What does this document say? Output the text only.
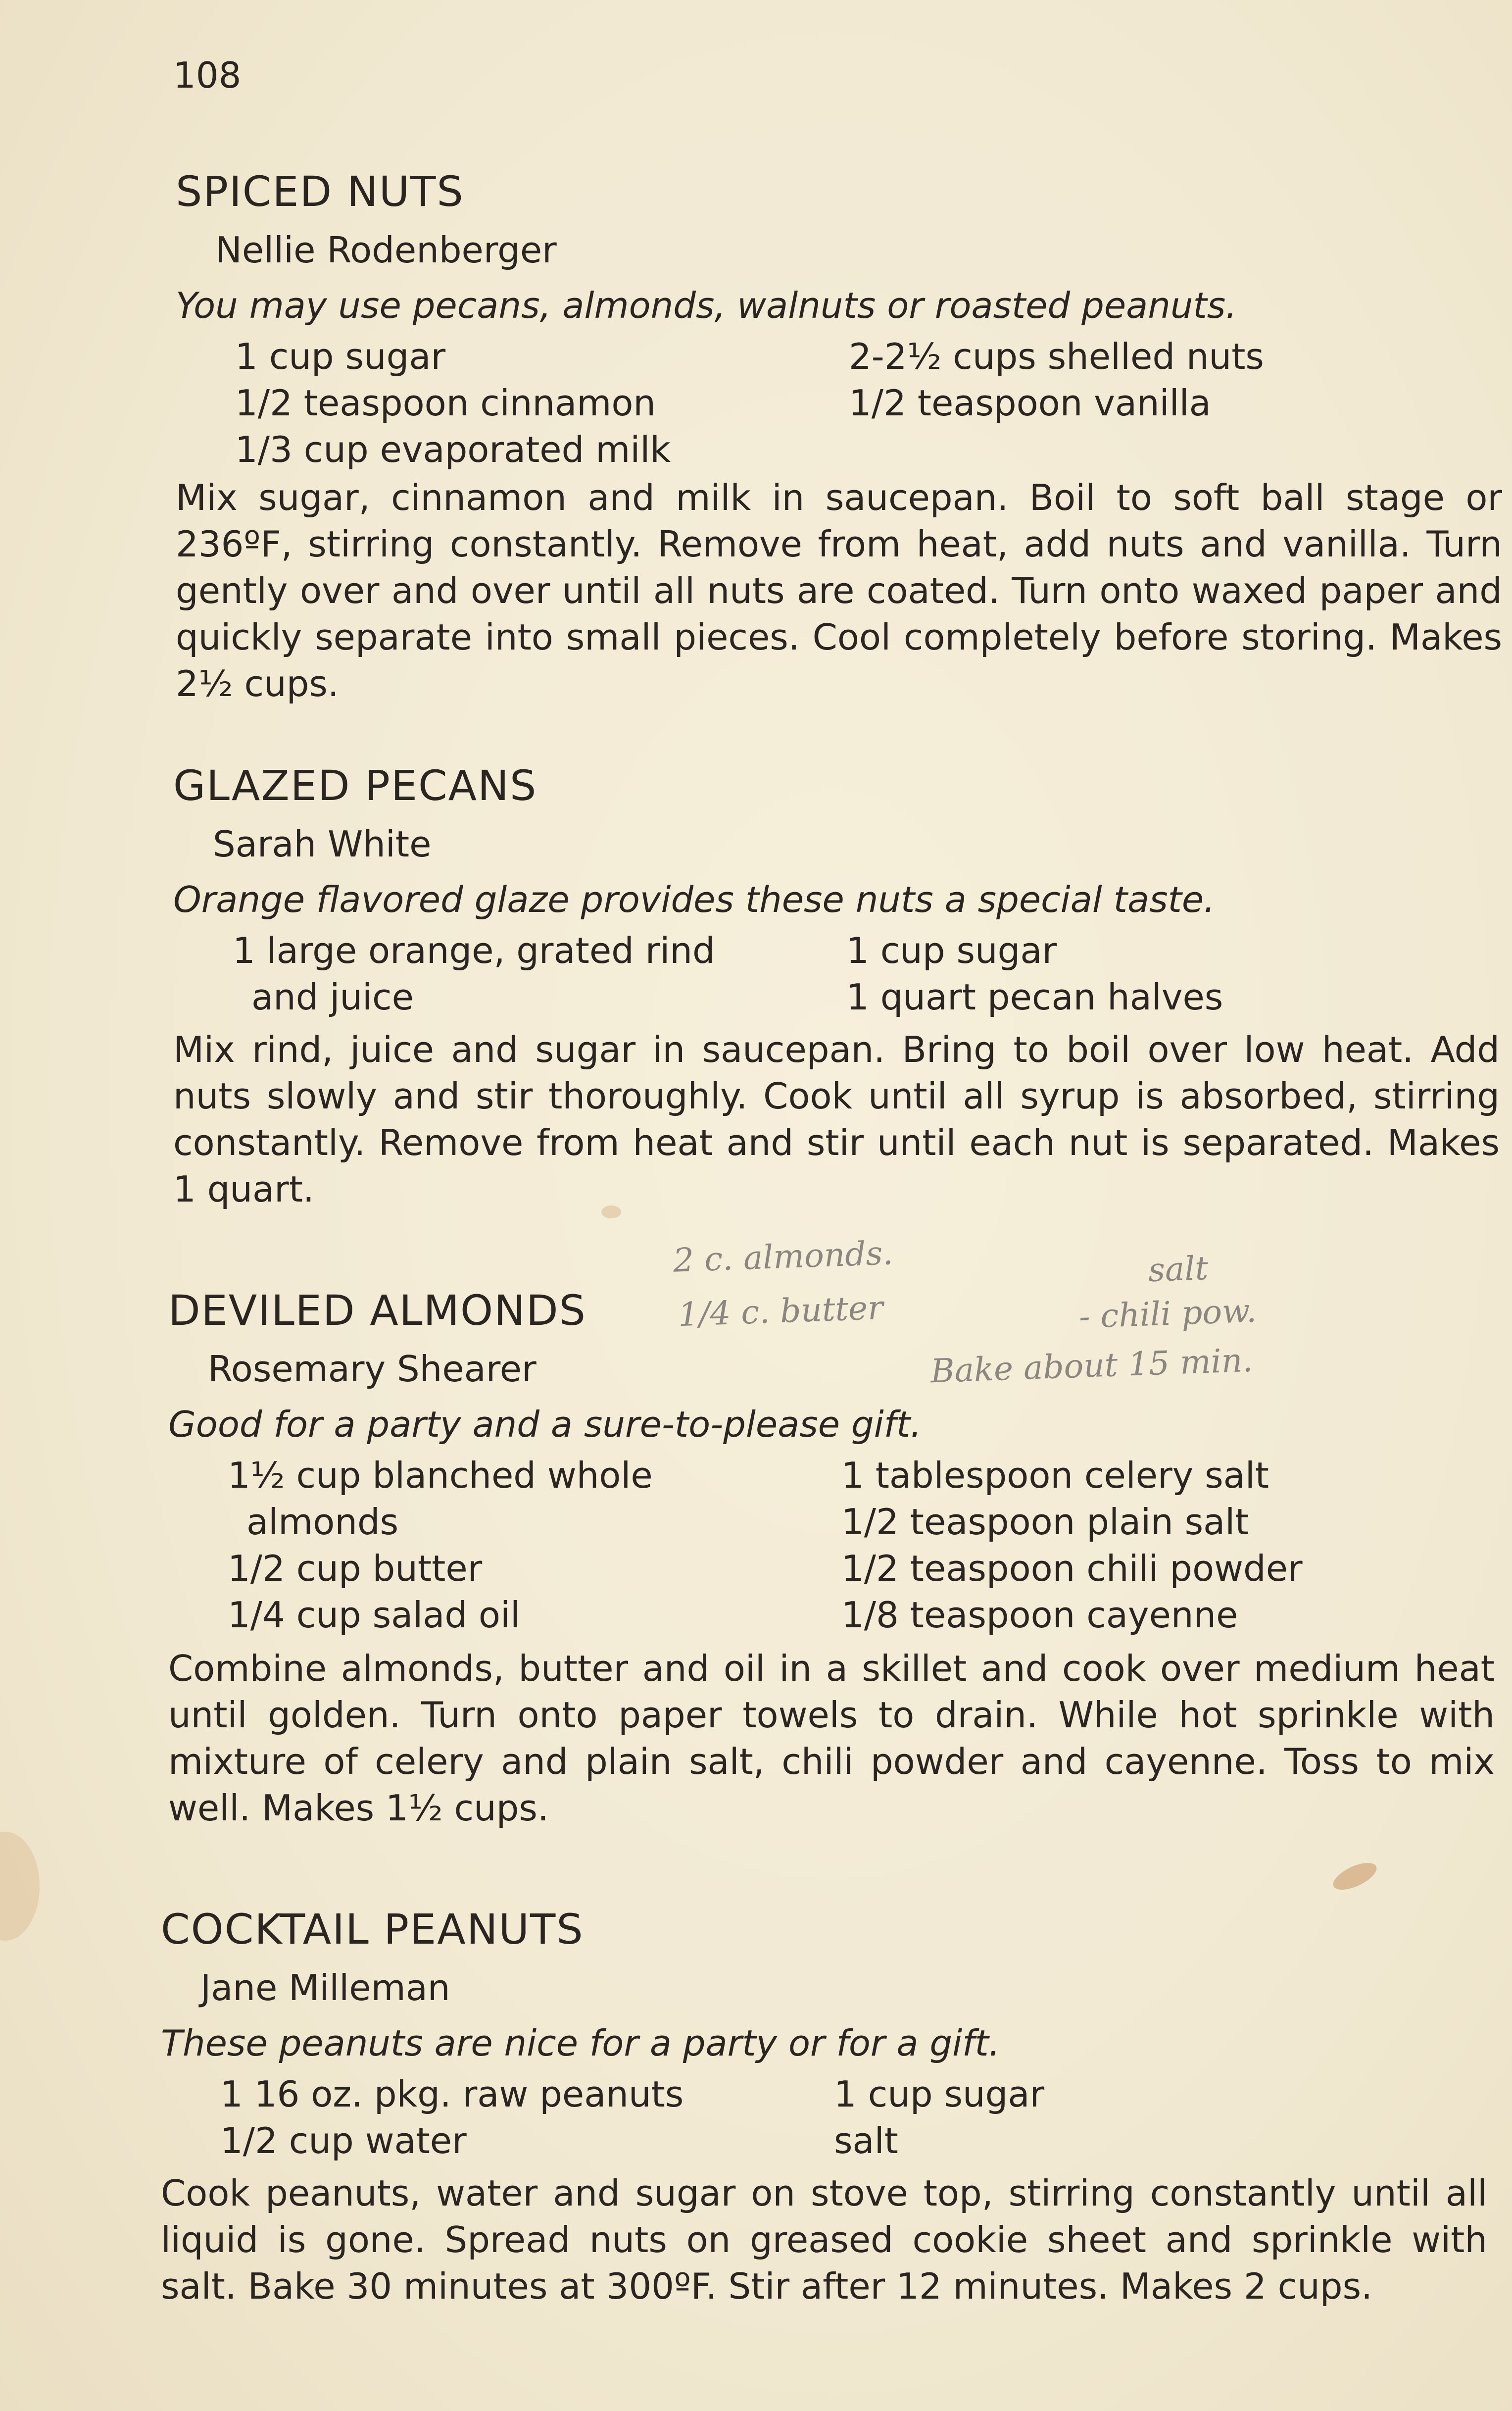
108
SPICED NUTS
Nellie Rodenberger
You may use pecans, almonds, walnuts or roasted peanuts.
1 cup sugar
1/2 teaspoon cinnamon
1/3 cup evaporated milk
2-2½ cups shelled nuts
1/2 teaspoon vanilla

Mix sugar, cinnamon and milk in saucepan. Boil to soft ball stage or 236ºF, stirring constantly. Remove from heat, add nuts and vanilla. Turn gently over and over until all nuts are coated. Turn onto waxed paper and quickly separate into small pieces. Cool completely before storing. Makes 2½ cups.

GLAZED PECANS
Sarah White
Orange flavored glaze provides these nuts a special taste.
1 large orange, grated rind
and juice
1 cup sugar
1 quart pecan halves

Mix rind, juice and sugar in saucepan. Bring to boil over low heat. Add nuts slowly and stir thoroughly. Cook until all syrup is absorbed, stirring constantly. Remove from heat and stir until each nut is separated. Makes 1 quart.

DEVILED ALMONDS
Rosemary Shearer
Good for a party and a sure-to-please gift.
1½ cup blanched whole
almonds
1/2 cup butter
1/4 cup salad oil
1 tablespoon celery salt
1/2 teaspoon plain salt
1/2 teaspoon chili powder
1/8 teaspoon cayenne

Combine almonds, butter and oil in a skillet and cook over medium heat until golden. Turn onto paper towels to drain. While hot sprinkle with mixture of celery and plain salt, chili powder and cayenne. Toss to mix well. Makes 1½ cups.

COCKTAIL PEANUTS
Jane Milleman
These peanuts are nice for a party or for a gift.
1 16 oz. pkg. raw peanuts
1/2 cup water
1 cup sugar
salt

Cook peanuts, water and sugar on stove top, stirring constantly until all liquid is gone. Spread nuts on greased cookie sheet and sprinkle with salt. Bake 30 minutes at 300ºF. Stir after 12 minutes. Makes 2 cups.

2 c. almonds.
1/4 c. butter
salt
- chili pow.
Bake about 15 min.
